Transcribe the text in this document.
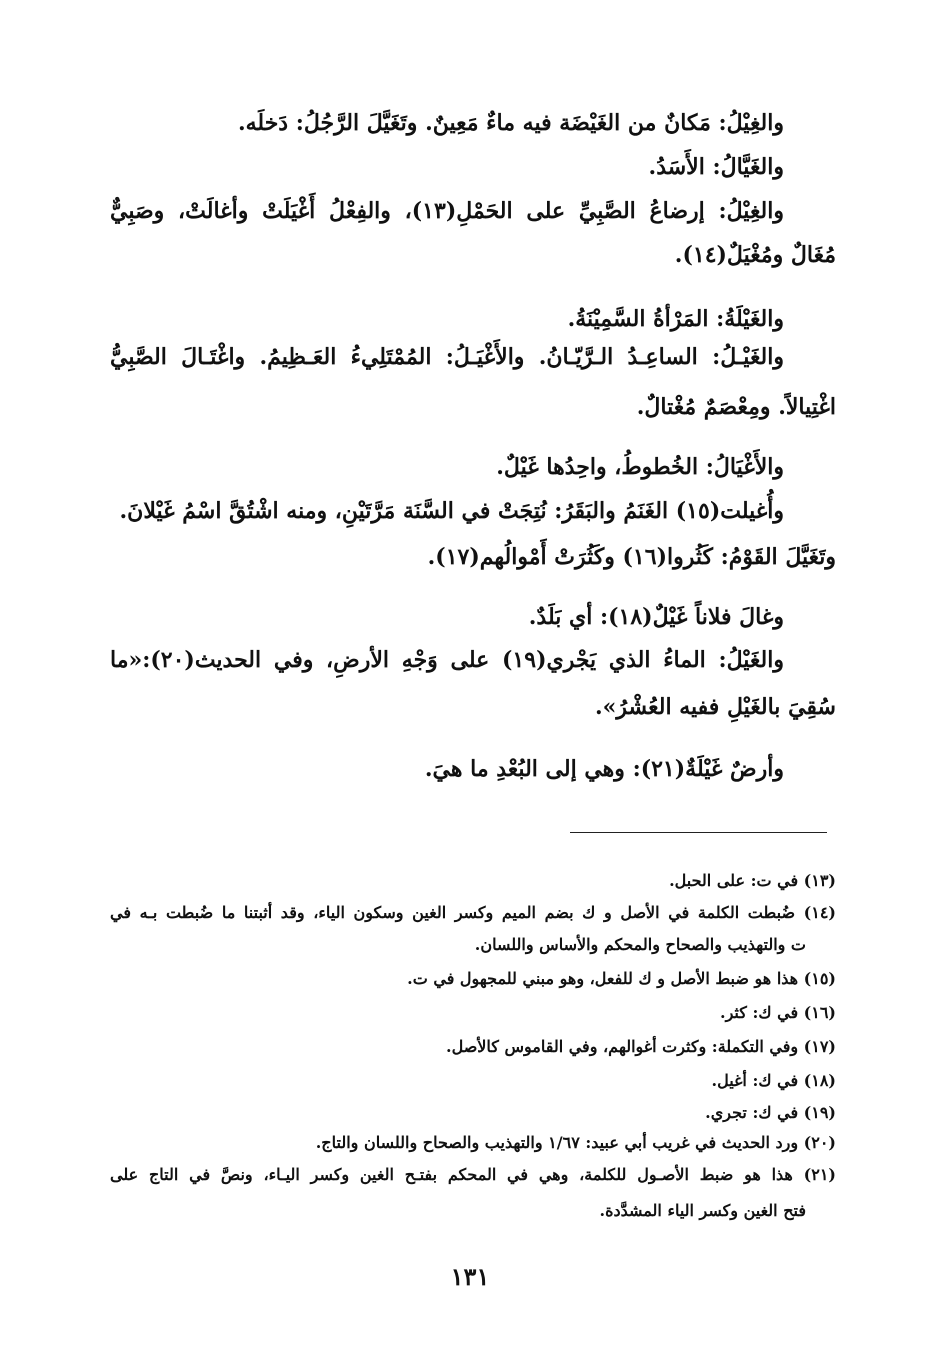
والغِيْلُ: مَكانٌ من الغَيْضَة فيه ماءٌ مَعِينٌ. وتَغَيَّلَ الرَّجُلُ: دَخلَه.
والغَيَّالُ: الأَسَدُ.
والغِيْلُ: إرضاعُ الصَّبِيِّ على الحَمْلِ(١٣)، والفِعْلُ أَغْيَلَتْ وأغالَتْ، وصَبِيٌّ
مُغَالٌ ومُغْيَلٌ(١٤).
والغَيْلَةُ: المَرْأةُ السَّمِيْنَةُ.
والغَيْـلُ: الساعِـدُ الـرَّيّـانُ. والأَغْيَـلُ: المُمْتَلِيءُ العَـظِيمُ. واغْتَـالَ الصَّبِيُّ
اغْتِيالاً. ومِعْصَمٌ مُغْتالٌ.
والأَغْيَالُ: الخُطوطُ، واحِدُها غَيْلٌ.
وأُغيلت(١٥) الغَنَمُ والبَقَرُ: نُتِجَتْ في السَّنَة مَرَّتَيْنِ، ومنه اشْتُقَّ اسْمُ غَيْلانَ.
وتَغَيَّلَ القَوْمُ: كَثُروا(١٦) وكَثُرَتْ أَمْوالُهم(١٧).
وغالَ فلاناً غَيْلٌ(١٨): أي بَلَدٌ.
والغَيْلُ: الماءُ الذي يَجْري(١٩) على وَجْهِ الأرضِ، وفي الحديث(٢٠):«ما
سُقِيَ بالغَيْلِ ففيه العُشْرُ».
وأرضٌ غَيْلَةٌ(٢١): وهي إلى البُعْدِ ما هيَ.
(١٣) في ت: على الحبل.
(١٤) ضُبطت الكلمة في الأصل و ك بضم الميم وكسر الغين وسكون الياء، وقد أثبتنا ما ضُبطت بـه في
ت والتهذيب والصحاح والمحكم والأساس واللسان.
(١٥) هذا هو ضبط الأصل و ك للفعل، وهو مبني للمجهول في ت.
(١٦) في ك: كثر.
(١٧) وفي التكملة: وكثرت أغوالهم، وفي القاموس كالأصل.
(١٨) في ك: أغيل.
(١٩) في ك: تجري.
(٢٠) ورد الحديث في غريب أبي عبيد: ١/٦٧ والتهذيب والصحاح واللسان والتاج.
(٢١) هذا هو ضبط الأصـول للكلمة، وهي في المحكم بفتـح الغين وكسر اليـاء، ونصَّ في التاج على
فتح الغين وكسر الياء المشدَّدة.
١٣١
